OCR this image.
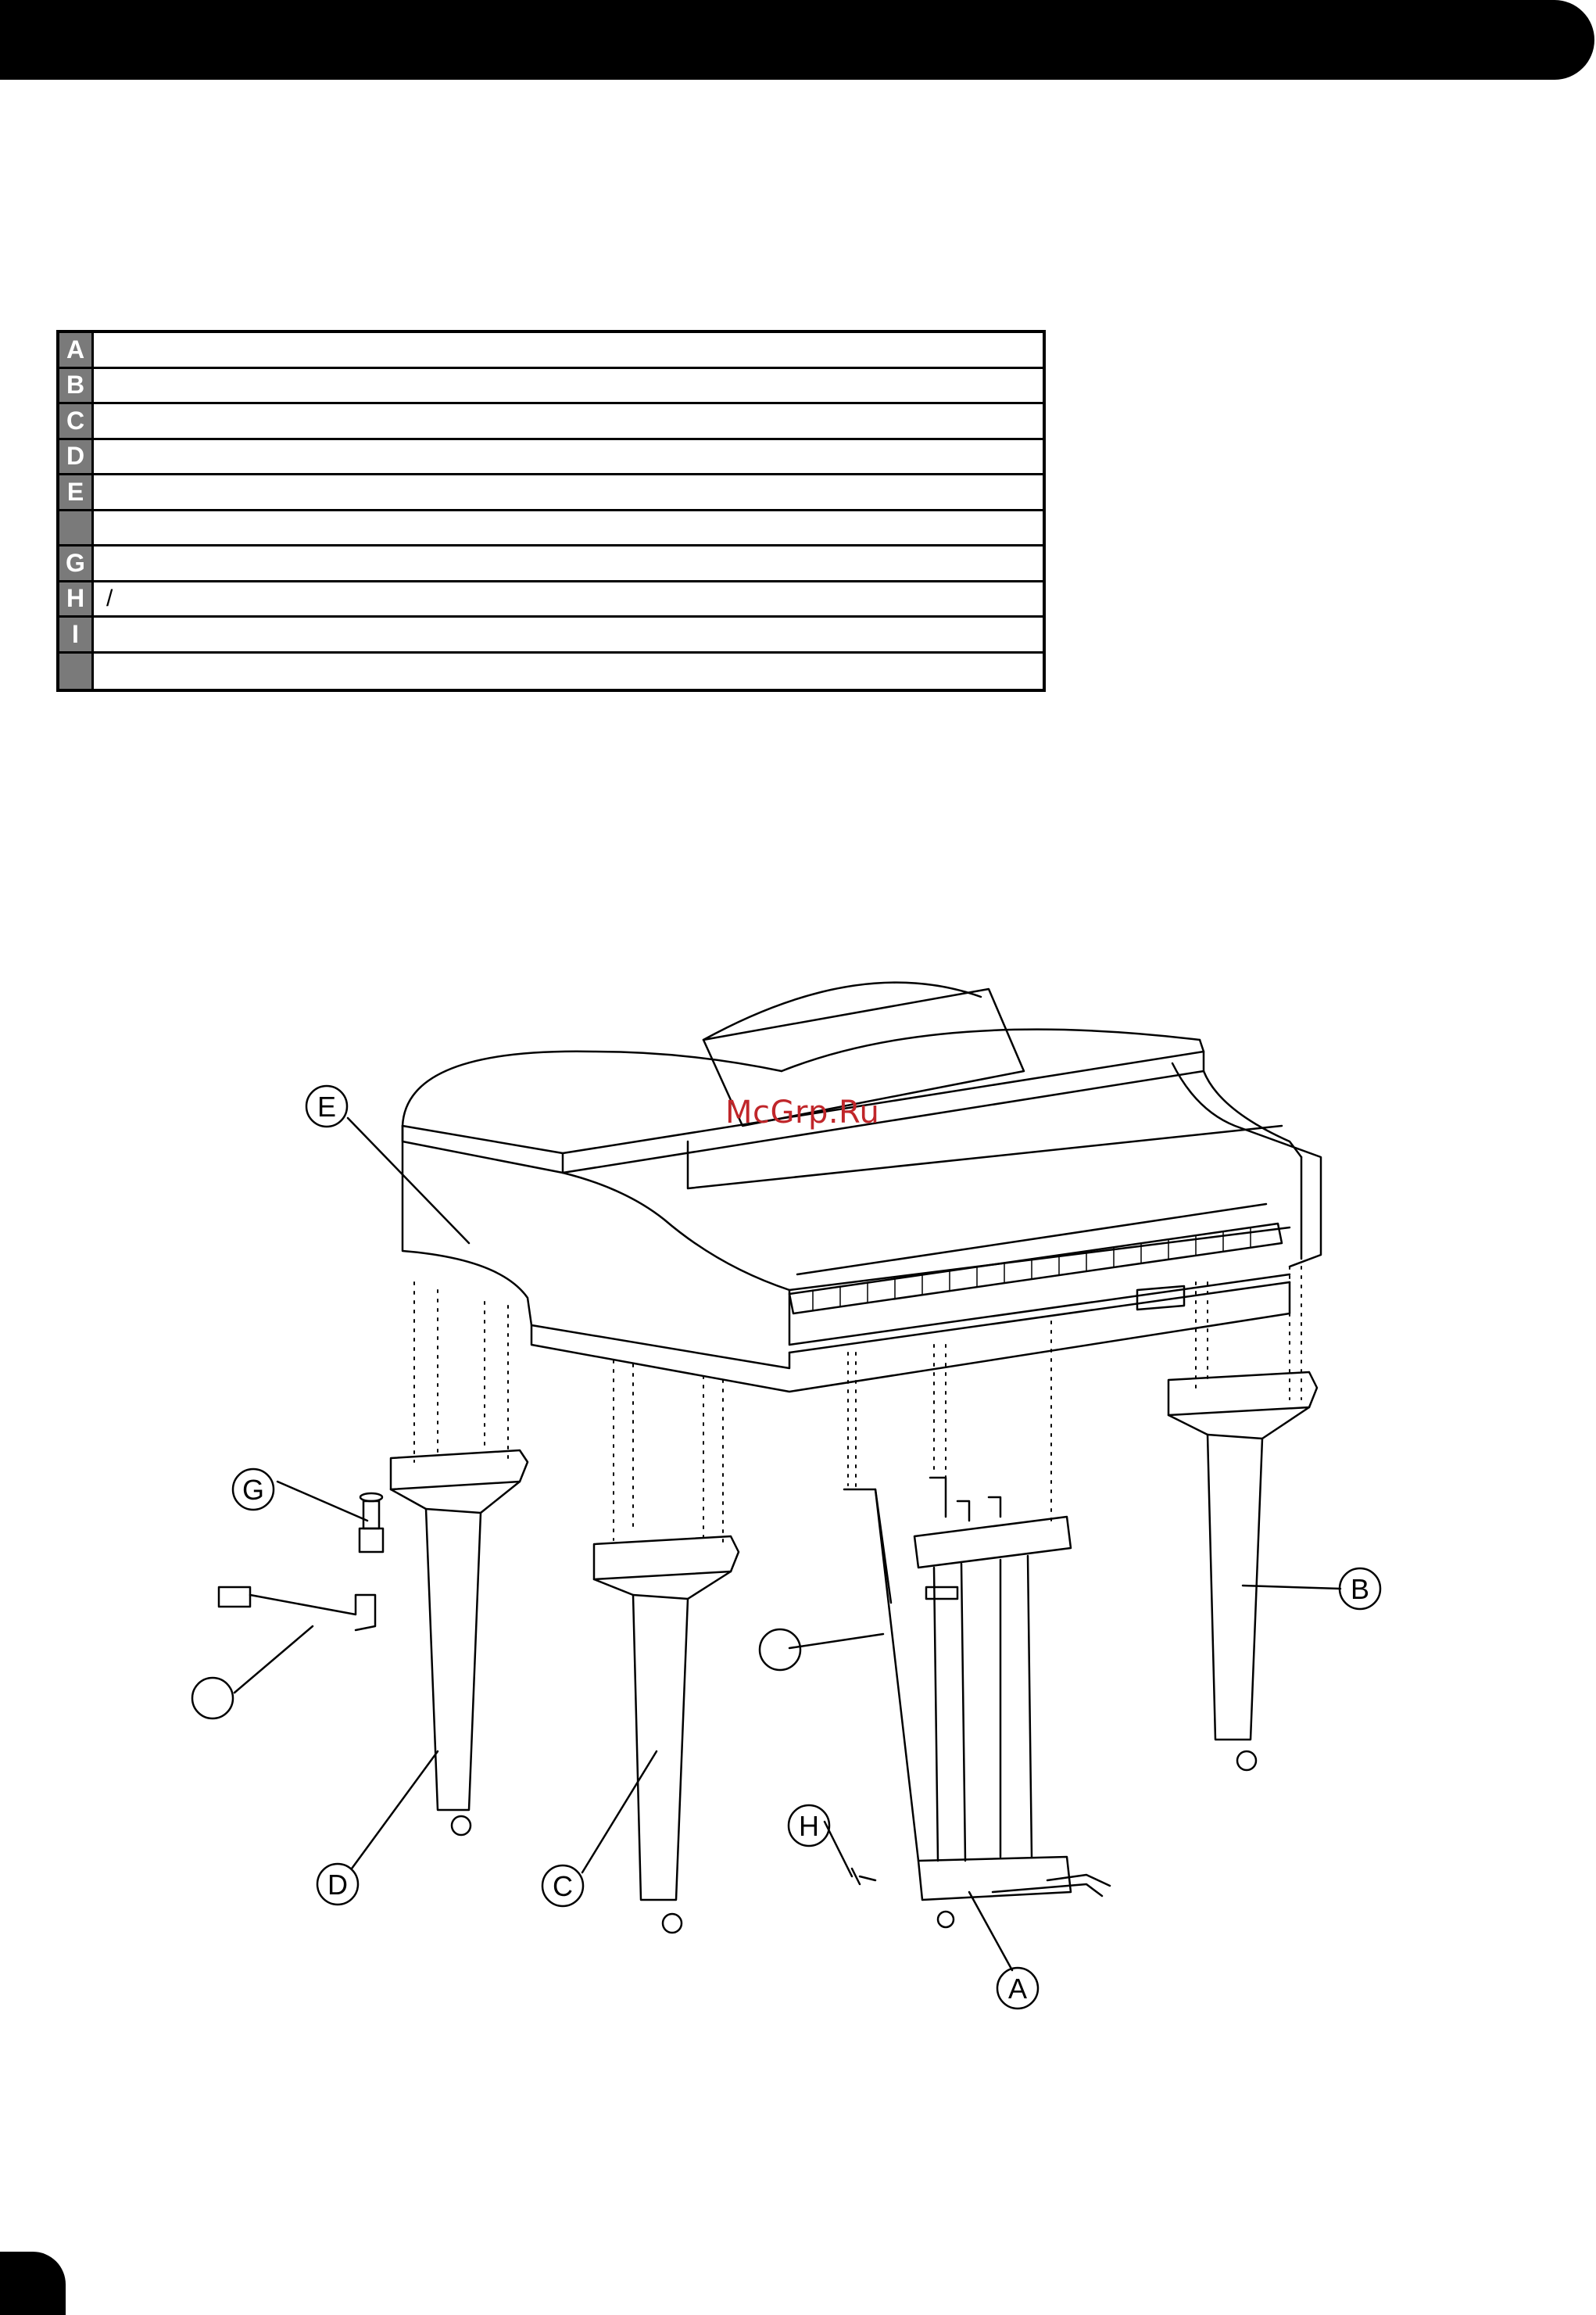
A
B
C
D
E
G
H /
I
E
G
D	C
H
A
B
McGrp.Ru
